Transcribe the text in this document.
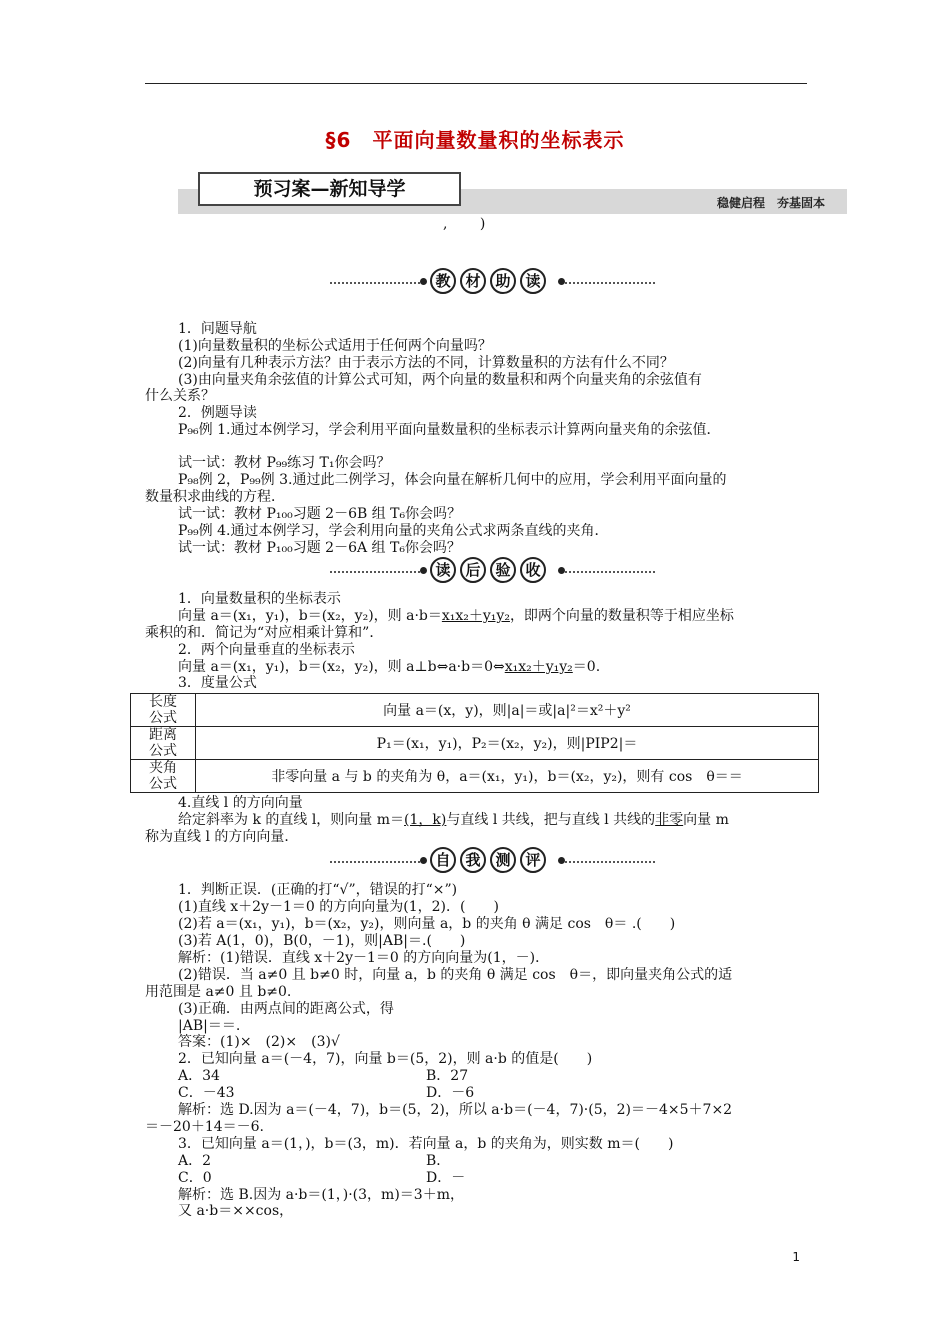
§6　平面向量数量积的坐标表示
预习案—新知导学
稳健启程　夯基固本
,　　 )
教 材 助 读
1．问题导航
(1)向量数量积的坐标公式适用于任何两个向量吗？
(2)向量有几种表示方法？由于表示方法的不同，计算数量积的方法有什么不同？
(3)由向量夹角余弦值的计算公式可知，两个向量的数量积和两个向量夹角的余弦值有
什么关系？
2．例题导读
P₉₆例 1.通过本例学习，学会利用平面向量数量积的坐标表示计算两向量夹角的余弦值．
试一试：教材 P₉₉练习 T₁你会吗？
P₉₈例 2，P₉₉例 3.通过此二例学习，体会向量在解析几何中的应用，学会利用平面向量的
数量积求曲线的方程．
试一试：教材 P₁₀₀习题 2－6B 组 T₆你会吗？
P₉₉例 4.通过本例学习，学会利用向量的夹角公式求两条直线的夹角．
试一试：教材 P₁₀₀习题 2－6A 组 T₆你会吗？
读 后 验 收
1．向量数量积的坐标表示
向量 a＝(x₁，y₁)，b＝(x₂，y₂)，则 a·b＝x₁x₂＋y₁y₂，即两个向量的数量积等于相应坐标
乘积的和．简记为“对应相乘计算和”．
2．两个向量垂直的坐标表示
向量 a＝(x₁，y₁)，b＝(x₂，y₂)，则 a⊥b⇔a·b＝0⇔x₁x₂＋y₁y₂＝0.
3．度量公式
长度
公式	向量 a＝(x，y)，则|a|＝或|a|²＝x²＋y²
距离
公式	P₁＝(x₁，y₁)，P₂＝(x₂，y₂)，则|PIP2|＝
夹角
公式	非零向量 a 与 b 的夹角为 θ，a＝(x₁，y₁)，b＝(x₂，y₂)，则有 cos　θ＝＝
4.直线 l 的方向向量
给定斜率为 k 的直线 l，则向量 m＝(1，k)与直线 l 共线，把与直线 l 共线的非零向量 m
称为直线 l 的方向向量．
自 我 测 评
1．判断正误．(正确的打“√”，错误的打“×”)
(1)直线 x＋2y－1＝0 的方向向量为(1，2)．(　　)
(2)若 a＝(x₁，y₁)，b＝(x₂，y₂)，则向量 a，b 的夹角 θ 满足 cos　θ＝ .(　　)
(3)若 A(1，0)，B(0，－1)，则|AB|＝.(　　)
解析：(1)错误．直线 x＋2y－1＝0 的方向向量为(1，－)．
(2)错误．当 a≠0 且 b≠0 时，向量 a，b 的夹角 θ 满足 cos　θ＝，即向量夹角公式的适
用范围是 a≠0 且 b≠0.
(3)正确．由两点间的距离公式，得
|AB|＝＝.
答案：(1)×　(2)×　(3)√
2．已知向量 a＝(－4，7)，向量 b＝(5，2)，则 a·b 的值是(　　)
A．34	B．27
C．－43	D．－6
解析：选 D.因为 a＝(－4，7)，b＝(5，2)，所以 a·b＝(－4，7)·(5，2)＝－4×5＋7×2
＝－20＋14＝－6.
3．已知向量 a＝(1，)，b＝(3，m)．若向量 a，b 的夹角为，则实数 m＝(　　)
A．2	B．
C．0	D．－
解析：选 B.因为 a·b＝(1，)·(3，m)＝3＋m，
又 a·b＝××cos，
1
